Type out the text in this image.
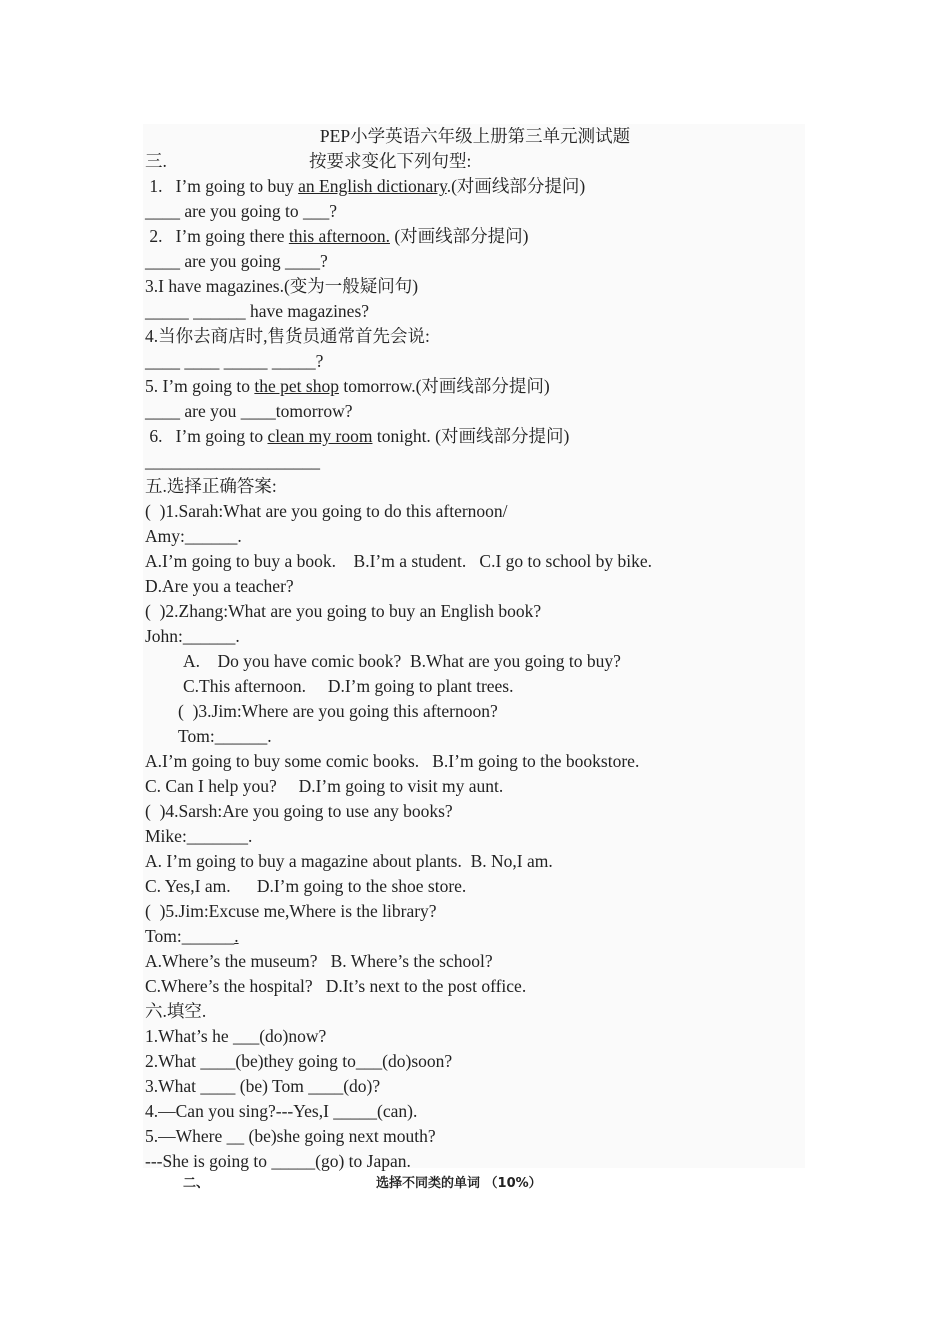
PEP小学英语六年级上册第三单元测试题
三.	按要求变化下列句型:
1.   I’m going to buy an English dictionary.(对画线部分提问)
____ are you going to ___?
2.   I’m going there this afternoon. (对画线部分提问)
____ are you going ____?
3.I have magazines.(变为一般疑问句)
_____ ______ have magazines?
4.当你去商店时,售货员通常首先会说:
____ ____ _____ _____?
5. I’m going to the pet shop tomorrow.(对画线部分提问)
____ are you ____tomorrow?
6.   I’m going to clean my room tonight. (对画线部分提问)
____________________
五.选择正确答案:
(  )1.Sarah:What are you going to do this afternoon/
Amy:______.
A.I’m going to buy a book.    B.I’m a student.   C.I go to school by bike.
D.Are you a teacher?
(  )2.Zhang:What are you going to buy an English book?
John:______.
A.    Do you have comic book?  B.What are you going to buy?
C.This afternoon.     D.I’m going to plant trees.
(  )3.Jim:Where are you going this afternoon?
Tom:______.
A.I’m going to buy some comic books.   B.I’m going to the bookstore.
C. Can I help you?     D.I’m going to visit my aunt.
(  )4.Sarsh:Are you going to use any books?
Mike:_______.
A. I’m going to buy a magazine about plants.  B. No,I am.
C. Yes,I am.      D.I’m going to the shoe store.
(  )5.Jim:Excuse me,Where is the library?
Tom:______.
A.Where’s the museum?   B. Where’s the school?
C.Where’s the hospital?   D.It’s next to the post office.
六.填空.
1.What’s he ___(do)now?
2.What ____(be)they going to___(do)soon?
3.What ____ (be) Tom ____(do)?
4.—Can you sing?---Yes,I _____(can).
5.—Where __ (be)she going next mouth?
---She is going to _____(go) to Japan.
二、	选择不同类的单词 （10%）
